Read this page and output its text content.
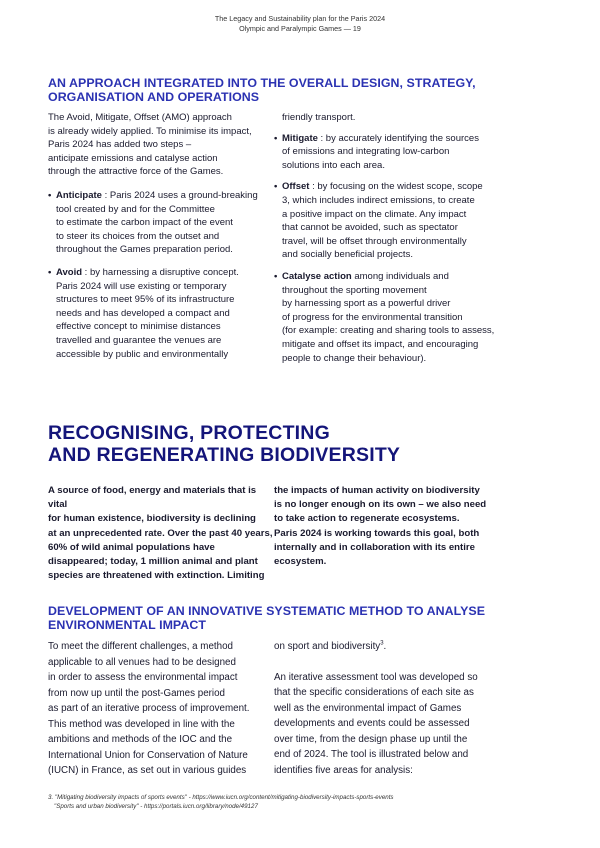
The Legacy and Sustainability plan for the Paris 2024
Olympic and Paralympic Games — 19
AN APPROACH INTEGRATED INTO THE OVERALL DESIGN, STRATEGY,
ORGANISATION AND OPERATIONS

The Avoid, Mitigate, Offset (AMO) approach
is already widely applied. To minimise its impact,
Paris 2024 has added two steps –
anticipate emissions and catalyse action
through the attractive force of the Games.

• Anticipate : Paris 2024 uses a ground-breaking
tool created by and for the Committee
to estimate the carbon impact of the event
to steer its choices from the outset and
throughout the Games preparation period.

• Avoid : by harnessing a disruptive concept.
Paris 2024 will use existing or temporary
structures to meet 95% of its infrastructure
needs and has developed a compact and
effective concept to minimise distances
travelled and guarantee the venues are
accessible by public and environmentally

friendly transport.

• Mitigate : by accurately identifying the sources
of emissions and integrating low-carbon
solutions into each area.

• Offset : by focusing on the widest scope, scope
3, which includes indirect emissions, to create
a positive impact on the climate. Any impact
that cannot be avoided, such as spectator
travel, will be offset through environmentally
and socially beneficial projects.

• Catalyse action among individuals and
throughout the sporting movement
by harnessing sport as a powerful driver
of progress for the environmental transition
(for example: creating and sharing tools to assess,
mitigate and offset its impact, and encouraging
people to change their behaviour).

RECOGNISING, PROTECTING
AND REGENERATING BIODIVERSITY

A source of food, energy and materials that is vital
for human existence, biodiversity is declining
at an unprecedented rate. Over the past 40 years,
60% of wild animal populations have
disappeared; today, 1 million animal and plant
species are threatened with extinction. Limiting

the impacts of human activity on biodiversity
is no longer enough on its own – we also need
to take action to regenerate ecosystems.
Paris 2024 is working towards this goal, both
internally and in collaboration with its entire
ecosystem.

DEVELOPMENT OF AN INNOVATIVE SYSTEMATIC METHOD TO ANALYSE
ENVIRONMENTAL IMPACT

To meet the different challenges, a method
applicable to all venues had to be designed
in order to assess the environmental impact
from now up until the post-Games period
as part of an iterative process of improvement.
This method was developed in line with the
ambitions and methods of the IOC and the
International Union for Conservation of Nature
(IUCN) in France, as set out in various guides

on sport and biodiversity$^3$.

An iterative assessment tool was developed so
that the specific considerations of each site as
well as the environmental impact of Games
developments and events could be assessed
over time, from the design phase up until the
end of 2024. The tool is illustrated below and
identifies five areas for analysis:

3. "Mitigating biodiversity impacts of sports events" - https://www.iucn.org/content/mitigating-biodiversity-impacts-sports-events

"Sports and urban biodiversity" - https://portals.iucn.org/library/node/49127
